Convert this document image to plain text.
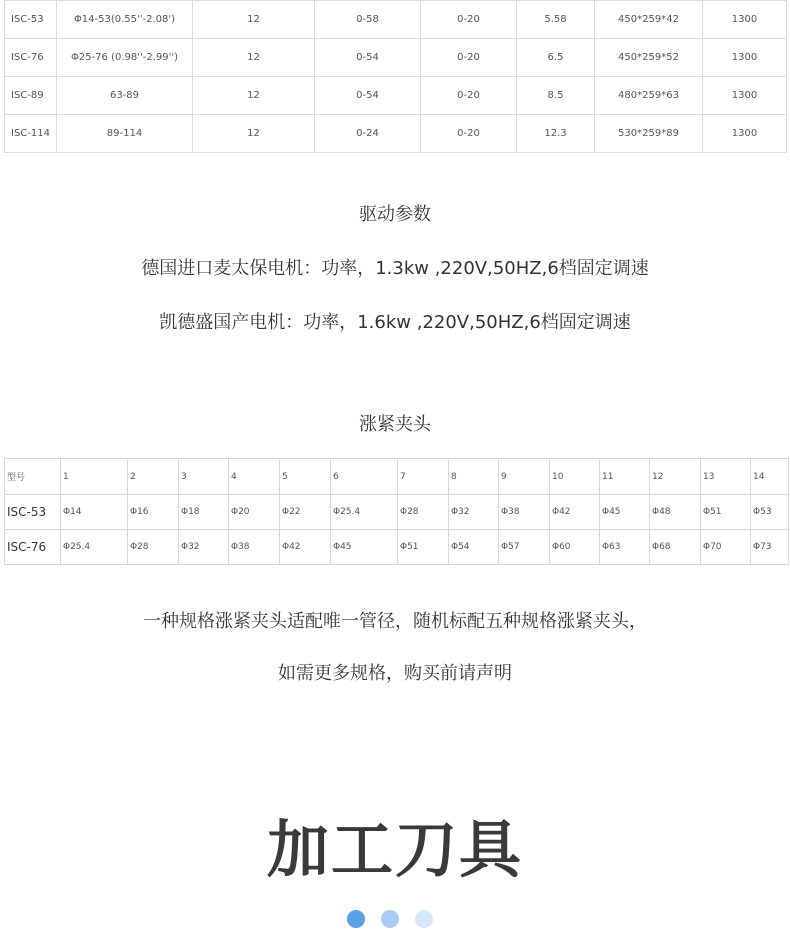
ISC-53	Φ14-53(0.55''-2.08')	12	0-58	0-20	5.58	450*259*42	1300
ISC-76	Φ25-76 (0.98''-2.99'')	12	0-54	0-20	6.5	450*259*52	1300
ISC-89	63-89	12	0-54	0-20	8.5	480*259*63	1300
ISC-114	89-114	12	0-24	0-20	12.3	530*259*89	1300
驱动参数
德国进口麦太保电机：功率，1.3kw ,220V,50HZ,6档固定调速
凯德盛国产电机：功率，1.6kw ,220V,50HZ,6档固定调速
涨紧夹头
型号	1	2	3	4	5	6	7	8	9	10	11	12	13	14
ISC-53	Φ14	Φ16	Φ18	Φ20	Φ22	Φ25.4	Φ28	Φ32	Φ38	Φ42	Φ45	Φ48	Φ51	Φ53
ISC-76	Φ25.4	Φ28	Φ32	Φ38	Φ42	Φ45	Φ51	Φ54	Φ57	Φ60	Φ63	Φ68	Φ70	Φ73
一种规格涨紧夹头适配唯一管径，随机标配五种规格涨紧夹头，
如需更多规格，购买前请声明
加工刀具
